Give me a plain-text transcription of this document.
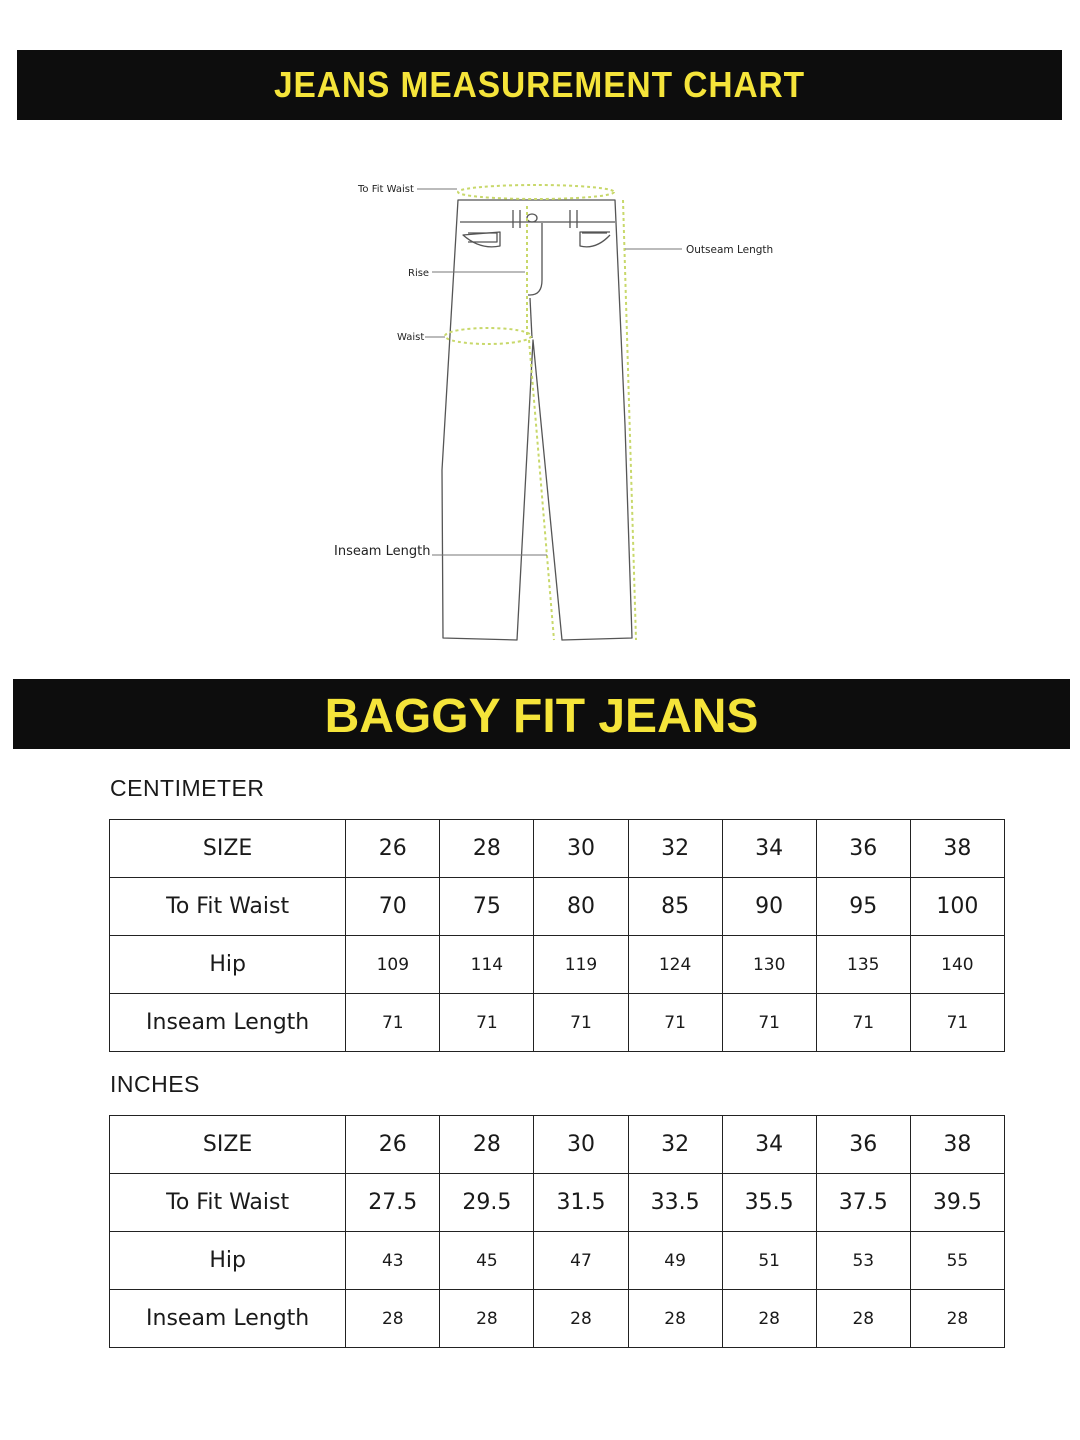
JEANS MEASUREMENT CHART
To Fit Waist
Rise
Waist
Outseam Length
Inseam Length
BAGGY FIT JEANS
CENTIMETER
SIZE	26	28	30	32	34	36	38
To Fit Waist	70	75	80	85	90	95	100
Hip	109	114	119	124	130	135	140
Inseam Length	71	71	71	71	71	71	71
INCHES
SIZE	26	28	30	32	34	36	38
To Fit Waist	27.5	29.5	31.5	33.5	35.5	37.5	39.5
Hip	43	45	47	49	51	53	55
Inseam Length	28	28	28	28	28	28	28
